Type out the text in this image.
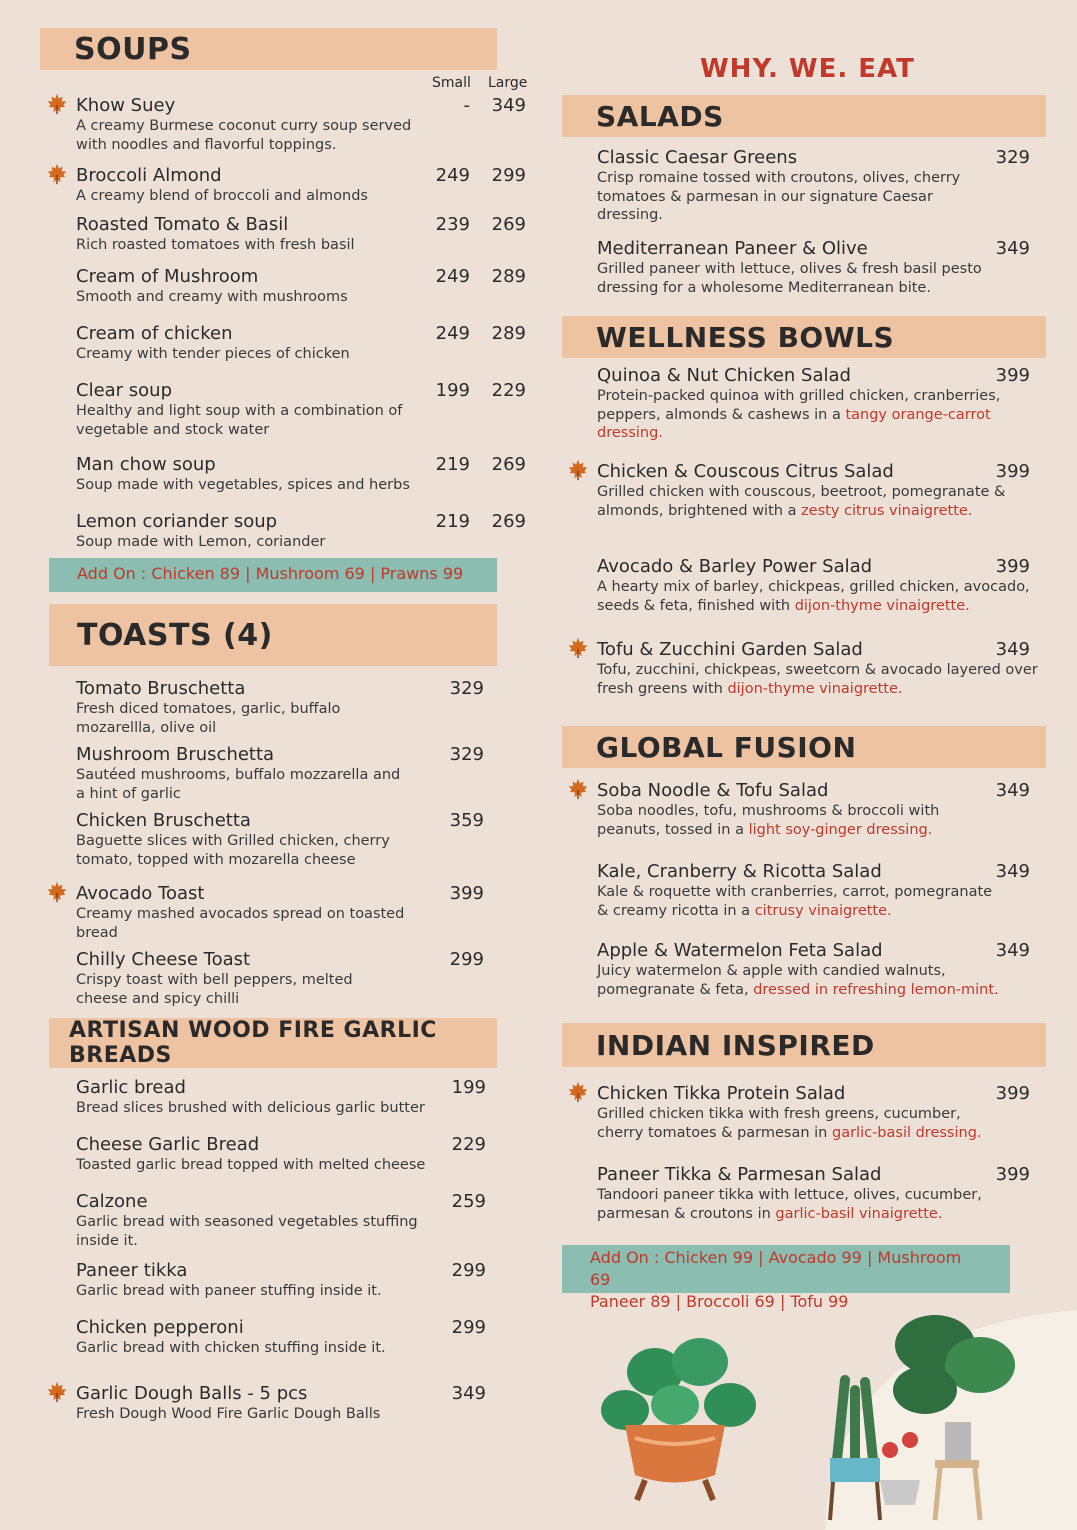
WHY. WE. EAT
SOUPS
Small Large
Khow Suey
A creamy Burmese coconut curry soup served with noodles and flavorful toppings.
-	349
Broccoli Almond
A creamy blend of broccoli and almonds
249	299
Roasted Tomato & Basil
Rich roasted tomatoes with fresh basil
239	269
Cream of Mushroom
Smooth and creamy with mushrooms
249	289
Cream of chicken
Creamy with tender pieces of chicken
249	289
Clear soup
Healthy and light soup with a combination of vegetable and stock water
199	229
Man chow soup
Soup made with vegetables, spices and herbs
219	269
Lemon coriander soup
Soup made with Lemon, coriander
219	269
Add On : Chicken 89 | Mushroom 69 | Prawns 99
TOASTS (4)
Tomato Bruschetta
Fresh diced tomatoes, garlic, buffalo mozarellla, olive oil
329
Mushroom Bruschetta
Sautéed mushrooms, buffalo mozzarella and a hint of garlic
329
Chicken Bruschetta
Baguette slices with Grilled chicken, cherry tomato, topped with mozarella cheese
359
Avocado Toast
Creamy mashed avocados spread on toasted bread
399
Chilly Cheese Toast
Crispy toast with bell peppers, melted cheese and spicy chilli
299
ARTISAN WOOD FIRE GARLIC BREADS
Garlic bread
Bread slices brushed with delicious garlic butter
199
Cheese Garlic Bread
Toasted garlic bread topped with melted cheese
229
Calzone
Garlic bread with seasoned vegetables stuffing inside it.
259
Paneer tikka
Garlic bread with paneer stuffing inside it.
299
Chicken pepperoni
Garlic bread with chicken stuffing inside it.
299
Garlic Dough Balls - 5 pcs
Fresh Dough Wood Fire Garlic Dough Balls
349
SALADS
Classic Caesar Greens
Crisp romaine tossed with croutons, olives, cherry tomatoes & parmesan in our signature Caesar dressing.
329
Mediterranean Paneer & Olive
Grilled paneer with lettuce, olives & fresh basil pesto dressing for a wholesome Mediterranean bite.
349
WELLNESS BOWLS
Quinoa & Nut Chicken Salad
Protein-packed quinoa with grilled chicken, cranberries, peppers, almonds & cashews in a tangy orange-carrot dressing.
399
Chicken & Couscous Citrus Salad
Grilled chicken with couscous, beetroot, pomegranate & almonds, brightened with a zesty citrus vinaigrette.
399
Avocado & Barley Power Salad
A hearty mix of barley, chickpeas, grilled chicken, avocado, seeds & feta, finished with dijon-thyme vinaigrette.
399
Tofu & Zucchini Garden Salad
Tofu, zucchini, chickpeas, sweetcorn & avocado layered over fresh greens with dijon-thyme vinaigrette.
349
GLOBAL FUSION
Soba Noodle & Tofu Salad
Soba noodles, tofu, mushrooms & broccoli with peanuts, tossed in a light soy-ginger dressing.
349
Kale, Cranberry & Ricotta Salad
Kale & roquette with cranberries, carrot, pomegranate & creamy ricotta in a citrusy vinaigrette.
349
Apple & Watermelon Feta Salad
Juicy watermelon & apple with candied walnuts, pomegranate & feta, dressed in refreshing lemon-mint.
349
INDIAN INSPIRED
Chicken Tikka Protein Salad
Grilled chicken tikka with fresh greens, cucumber, cherry tomatoes & parmesan in garlic-basil dressing.
399
Paneer Tikka & Parmesan Salad
Tandoori paneer tikka with lettuce, olives, cucumber, parmesan & croutons in garlic-basil vinaigrette.
399
Add On : Chicken 99 | Avocado 99 | Mushroom 69
Paneer 89 | Broccoli 69 | Tofu 99
